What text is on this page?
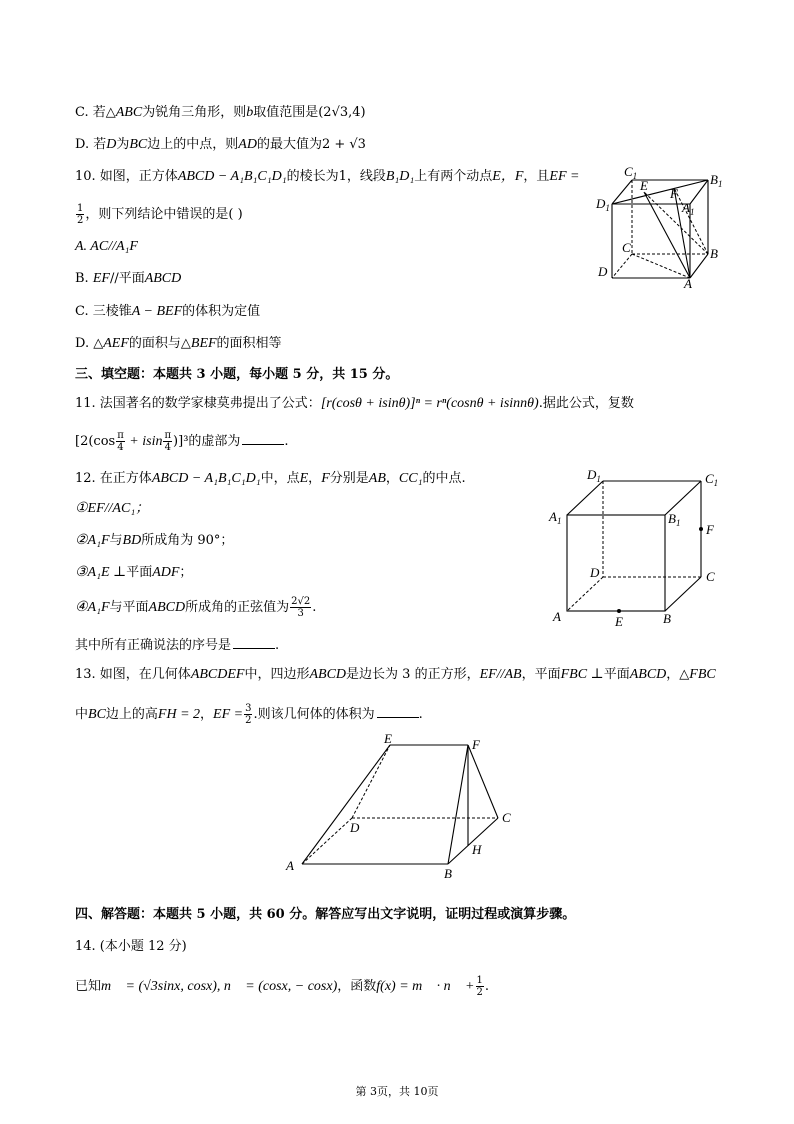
C. 若△ABC为锐角三角形，则b取值范围是(2√3,4)
D. 若D为BC边上的中点，则AD的最大值为2 + √3
10. 如图，正方体ABCD − A₁B₁C₁D₁的棱长为1，线段B₁D₁上有两个动点E，F，且EF =
$\frac{1}{2}$ ，则下列结论中错误的是( )
A. AC//A₁F
B. EF//平面ABCD
C. 三棱锥A − BEF的体积为定值
D. △AEF的面积与△BEF的面积相等
$C_1$	$B_1$
$D_1$	$A_1$
E
F
C	B
D
A
三、填空题：本题共 3 小题，每小题 5 分，共 15 分。
11. 法国著名的数学家棣莫弗提出了公式：[r(cosθ + isinθ)]ⁿ = rⁿ(cosnθ + isinnθ).据此公式，复数
$[2(\cos \frac{\pi}{4} + isin \frac{\pi}{4} )]^3$的虚部为	.
12. 在正方体ABCD − A₁B₁C₁D₁中，点E，F分别是AB，CC₁的中点.
①EF//AC₁；
②A₁F与BD所成角为 90°；
③A₁E ⊥平面ADF；
④A₁F与平面ABCD所成角的正弦值为 $\frac{2√2}{3}$ .
其中所有正确说法的序号是	.
$D_1$	$C_1$
$A_1$	$B_1$ F
D	C
A	E	B
13. 如图，在几何体ABCDEF中，四边形ABCD是边长为 3 的正方形，EF//AB，平面FBC ⊥平面ABCD，△FBC
中BC边上的高FH = 2，EF = $\frac{3}{2}$ .则该几何体的体积为	.
E	F
D
C
H
A
B
四、解答题：本题共 5 小题，共 60 分。解答应写出文字说明，证明过程或演算步骤。
14. (本小题 12 分)
已知m⃗ = (√3sinx, cosx), n⃗ = (cosx, − cosx)，函数f(x) = m⃗ · n⃗ + $\frac{1}{2}$ .
第 3页，共 10页
